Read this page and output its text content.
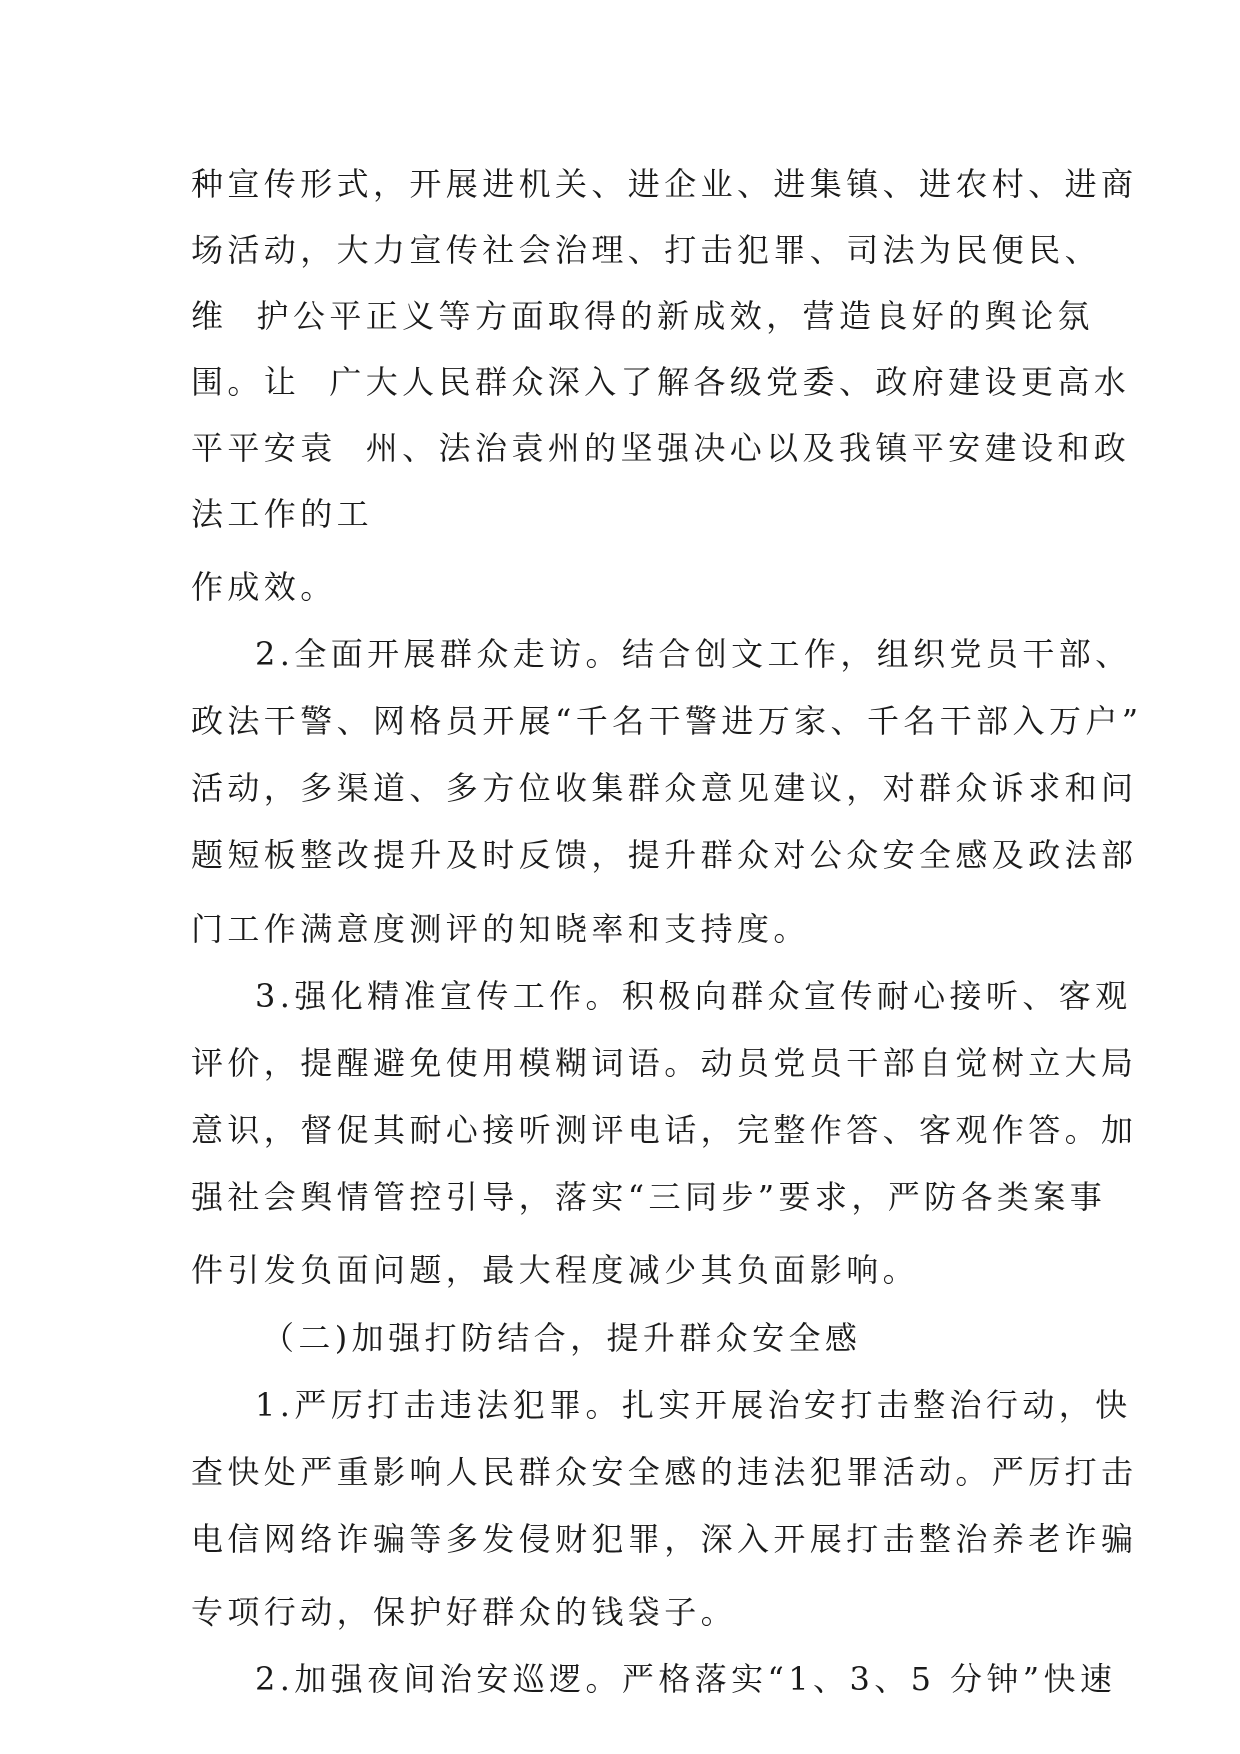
种宣传形式，开展进机关、进企业、进集镇、进农村、进商
场活动，大力宣传社会治理、打击犯罪、司法为民便民、
维  护公平正义等方面取得的新成效，营造良好的舆论氛
围。让  广大人民群众深入了解各级党委、政府建设更高水
平平安袁  州、法治袁州的坚强决心以及我镇平安建设和政
法工作的工
作成效。
2.全面开展群众走访。结合创文工作，组织党员干部、
政法干警、网格员开展“千名干警进万家、千名干部入万户”
活动，多渠道、多方位收集群众意见建议，对群众诉求和问
题短板整改提升及时反馈，提升群众对公众安全感及政法部
门工作满意度测评的知晓率和支持度。
3.强化精准宣传工作。积极向群众宣传耐心接听、客观
评价，提醒避免使用模糊词语。动员党员干部自觉树立大局
意识，督促其耐心接听测评电话，完整作答、客观作答。加
强社会舆情管控引导，落实“三同步”要求，严防各类案事
件引发负面问题，最大程度减少其负面影响。
（二)加强打防结合，提升群众安全感
1.严厉打击违法犯罪。扎实开展治安打击整治行动，快
查快处严重影响人民群众安全感的违法犯罪活动。严厉打击
电信网络诈骗等多发侵财犯罪，深入开展打击整治养老诈骗
专项行动，保护好群众的钱袋子。
2.加强夜间治安巡逻。严格落实“1、3、5 分钟”快速
